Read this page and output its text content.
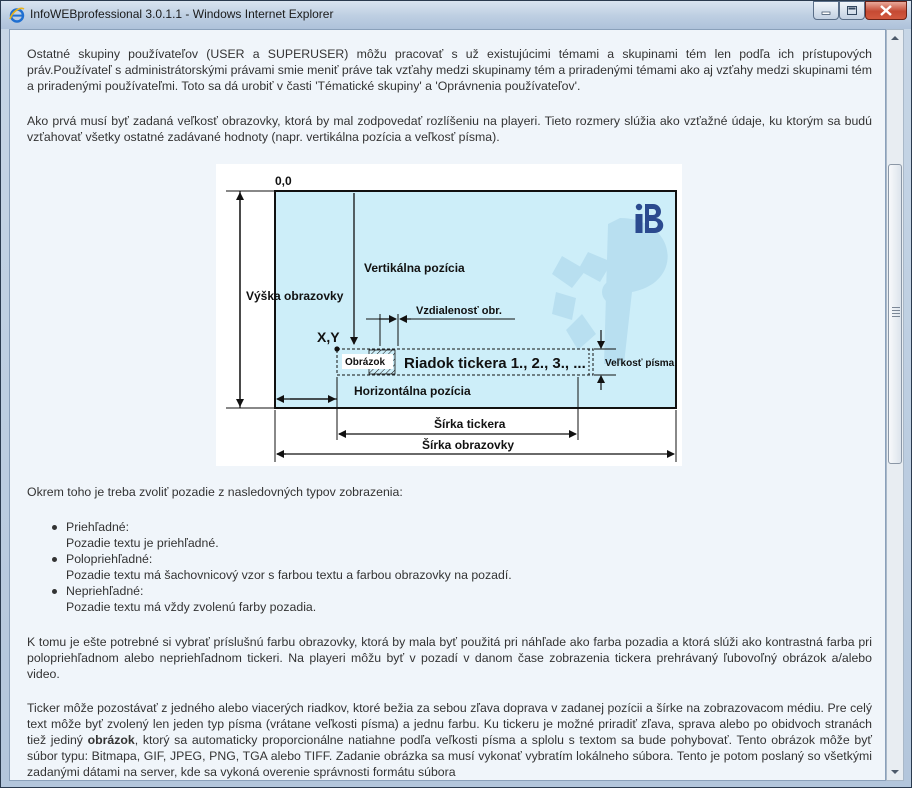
InfoWEBprofessional 3.0.1.1 - Windows Internet Explorer

Ostatné skupiny používateľov (USER a SUPERUSER) môžu pracovať s už existujúcimi témami a skupinami tém len podľa ich prístupových práv.Používateľ s administrátorskými právami smie meniť práve tak vzťahy medzi skupinamy tém a priradenými témami ako aj vzťahy medzi skupinami tém a priradenými používateľmi. Toto sa dá urobiť v časti 'Tématické skupiny' a 'Oprávnenia používateľov'.

Ako prvá musí byť zadaná veľkosť obrazovky, ktorá by mal zodpovedať rozlíšeniu na playeri. Tieto rozmery slúžia ako vzťažné údaje, ku ktorým sa budú vzťahovať všetky ostatné zadávané hodnoty (napr. vertikálna pozícia a veľkosť písma).

0,0
Výška obrazovky
Vertikálna pozícia
Vzdialenosť obr.
X,Y
Obrázok Riadok tickera 1., 2., 3., ... Veľkosť písma
Horizontálna pozícia
Šírka tickera
Šírka obrazovky

Okrem toho je treba zvoliť pozadie z nasledovných typov zobrazenia:

Priehľadné:
Pozadie textu je priehľadné.
Polopriehľadné:
Pozadie textu má šachovnicový vzor s farbou textu a farbou obrazovky na pozadí.
Nepriehľadné:
Pozadie textu má vždy zvolenú farby pozadia.

K tomu je ešte potrebné si vybrať príslušnú farbu obrazovky, ktorá by mala byť použitá pri náhľade ako farba pozadia a ktorá slúži ako kontrastná farba pri polopriehľadnom alebo nepriehľadnom tickeri. Na playeri môžu byť v pozadí v danom čase zobrazenia tickera prehrávaný ľubovoľný obrázok a/alebo video.

Ticker môže pozostávať z jedného alebo viacerých riadkov, ktoré bežia za sebou zľava doprava v zadanej pozícii a šírke na zobrazovacom médiu. Pre celý text môže byť zvolený len jeden typ písma (vrátane veľkosti písma) a jednu farbu. Ku tickeru je možné priradiť zľava, sprava alebo po obidvoch stranách tiež jediný obrázok, ktorý sa automaticky proporcionálne natiahne podľa veľkosti písma a splolu s textom sa bude pohybovať. Tento obrázok môže byť súbor typu: Bitmapa, GIF, JPEG, PNG, TGA alebo TIFF. Zadanie obrázka sa musí vykonať vybratím lokálneho súbora. Tento je potom poslaný so všetkými zadanými dátami na server, kde sa vykoná overenie správnosti formátu súbora
